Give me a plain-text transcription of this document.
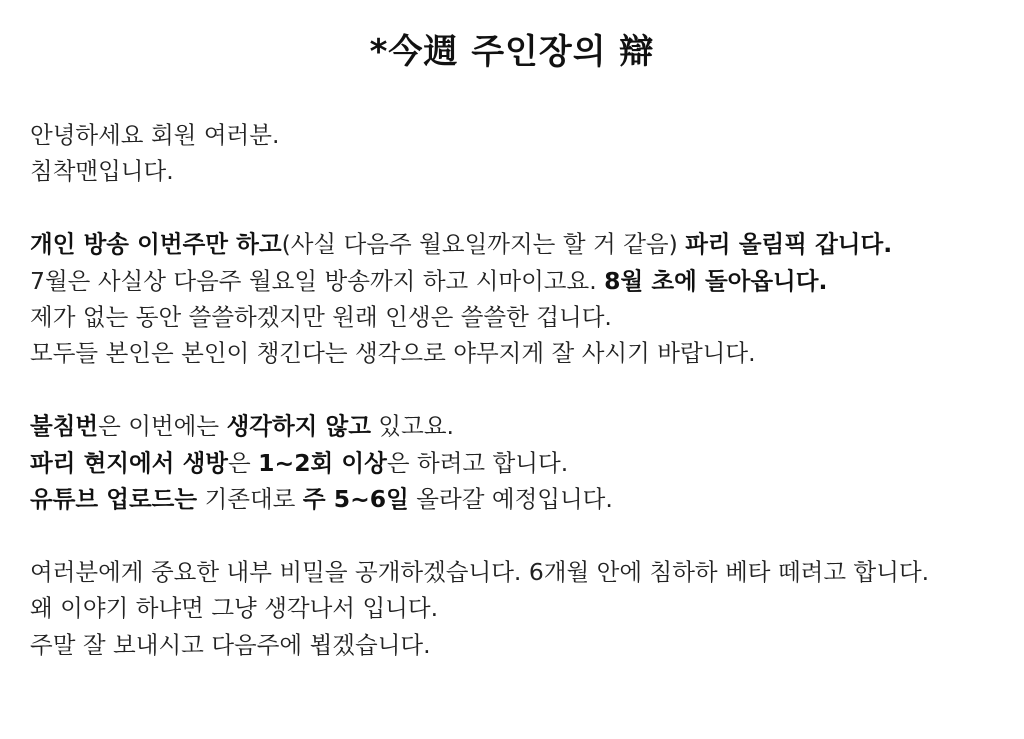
*今週 주인장의 辯
안녕하세요 회원 여러분.
침착맨입니다.
개인 방송 이번주만 하고(사실 다음주 월요일까지는 할 거 같음) 파리 올림픽 갑니다.
7월은 사실상 다음주 월요일 방송까지 하고 시마이고요. 8월 초에 돌아옵니다.
제가 없는 동안 쓸쓸하겠지만 원래 인생은 쓸쓸한 겁니다.
모두들 본인은 본인이 챙긴다는 생각으로 야무지게 잘 사시기 바랍니다.
불침번은 이번에는 생각하지 않고 있고요.
파리 현지에서 생방은 1~2회 이상은 하려고 합니다.
유튜브 업로드는 기존대로 주 5~6일 올라갈 예정입니다.
여러분에게 중요한 내부 비밀을 공개하겠습니다. 6개월 안에 침하하 베타 떼려고 합니다.
왜 이야기 하냐면 그냥 생각나서 입니다.
주말 잘 보내시고 다음주에 뵙겠습니다.
